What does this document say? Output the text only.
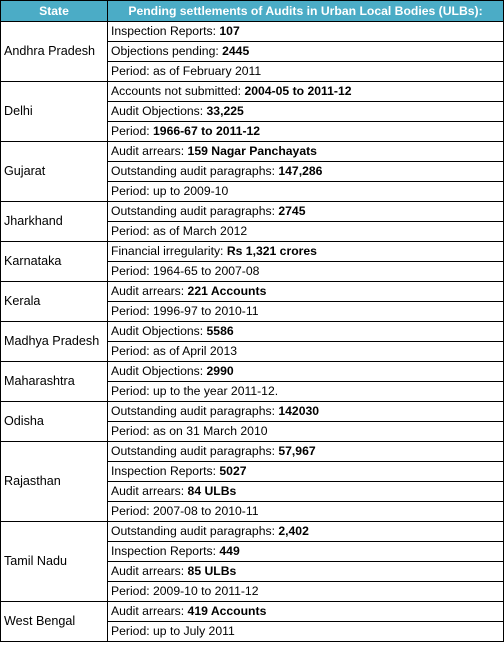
State	Pending settlements of Audits in Urban Local Bodies (ULBs):
Andhra Pradesh	Inspection Reports: 107
	Objections pending: 2445
	Period: as of February 2011
Delhi	Accounts not submitted: 2004-05 to 2011-12
	Audit Objections: 33,225
	Period: 1966-67 to 2011-12
Gujarat	Audit arrears: 159 Nagar Panchayats
	Outstanding audit paragraphs: 147,286
	Period: up to 2009-10
Jharkhand	Outstanding audit paragraphs: 2745
	Period: as of March 2012
Karnataka	Financial irregularity: Rs 1,321 crores
	Period: 1964-65 to 2007-08
Kerala	Audit arrears: 221 Accounts
	Period: 1996-97 to 2010-11
Madhya Pradesh	Audit Objections: 5586
	Period: as of April 2013
Maharashtra	Audit Objections: 2990
	Period: up to the year 2011-12.
Odisha	Outstanding audit paragraphs: 142030
	Period: as on 31 March 2010
Rajasthan	Outstanding audit paragraphs: 57,967
	Inspection Reports: 5027
	Audit arrears: 84 ULBs
	Period: 2007-08 to 2010-11
Tamil Nadu	Outstanding audit paragraphs: 2,402
	Inspection Reports: 449
	Audit arrears: 85 ULBs
	Period: 2009-10 to 2011-12
West Bengal	Audit arrears: 419 Accounts
	Period: up to July 2011
